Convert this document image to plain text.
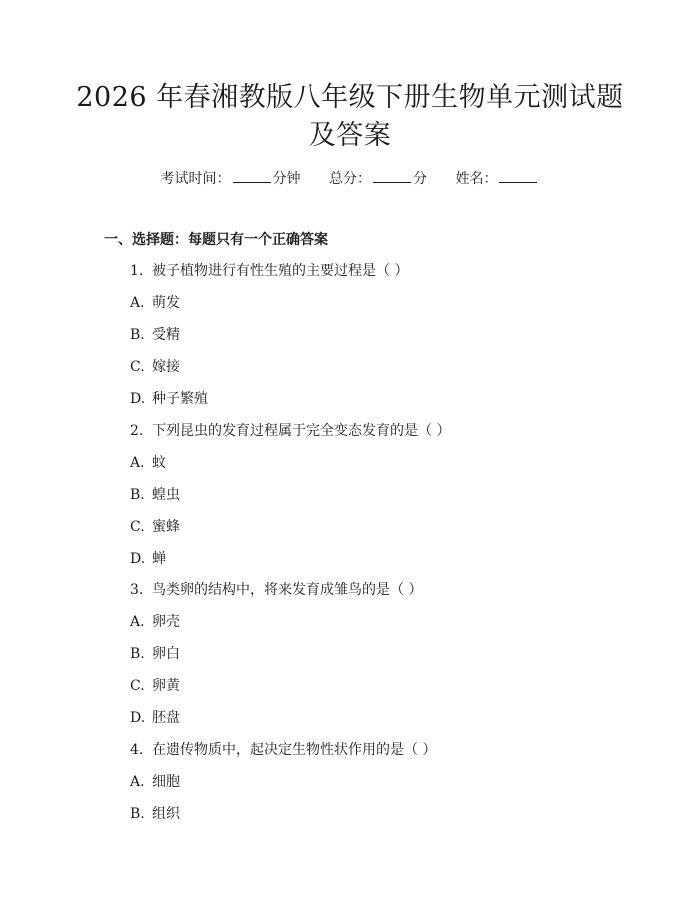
2026 年春湘教版八年级下册生物单元测试题
及答案
考试时间：	分钟 总分：	分 姓名：
一、选择题：每题只有一个正确答案
1. 被子植物进行有性生殖的主要过程是（ ）
A. 萌发
B. 受精
C. 嫁接
D. 种子繁殖
2. 下列昆虫的发育过程属于完全变态发育的是（ ）
A. 蚊
B. 蝗虫
C. 蜜蜂
D. 蝉
3. 鸟类卵的结构中，将来发育成雏鸟的是（ ）
A. 卵壳
B. 卵白
C. 卵黄
D. 胚盘
4. 在遗传物质中，起决定生物性状作用的是（ ）
A. 细胞
B. 组织
